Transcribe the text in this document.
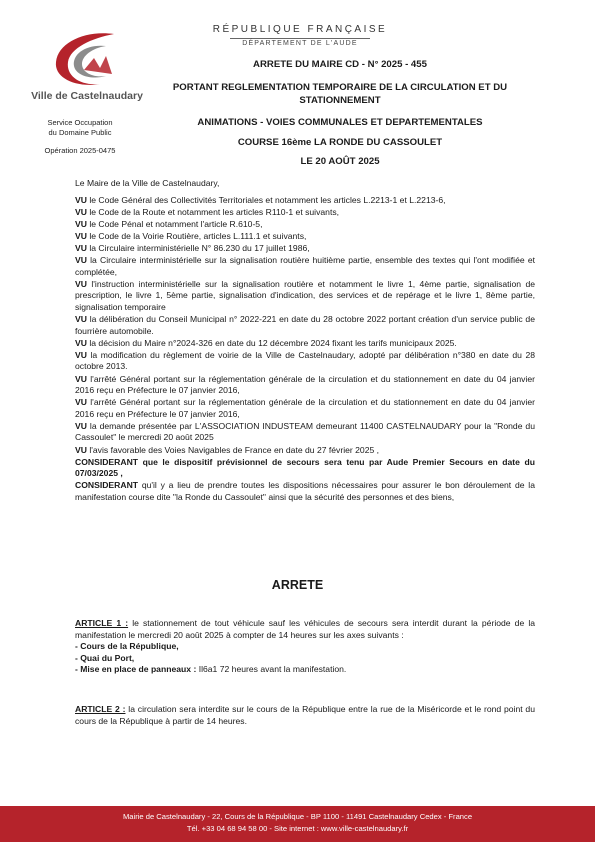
Ville de Castelnaudary
Service Occupation
du Domaine Public
Opération 2025-0475
RÉPUBLIQUE FRANÇAISE
DÉPARTEMENT DE L'AUDE
ARRETE DU MAIRE CD - N° 2025 - 455
PORTANT REGLEMENTATION TEMPORAIRE DE LA CIRCULATION ET DU
STATIONNEMENT
ANIMATIONS - VOIES COMMUNALES ET DEPARTEMENTALES
COURSE 16ème LA RONDE DU CASSOULET
LE 20 AOÛT 2025

Le Maire de la Ville de Castelnaudary,

VU le Code Général des Collectivités Territoriales et notamment les articles L.2213-1 et L.2213-6,

VU le Code de la Route et notamment les articles R110-1 et suivants,

VU le Code Pénal et notamment l'article R.610-5,

VU le Code de la Voirie Routière, articles L.111.1 et suivants,

VU la Circulaire interministérielle N° 86.230 du 17 juillet 1986,

VU la Circulaire interministérielle sur la signalisation routière huitième partie, ensemble des textes qui l'ont modifiée et complétée,

VU l'instruction interministérielle sur la signalisation routière et notamment le livre 1, 4ème partie, signalisation de prescription, le livre 1, 5ème partie, signalisation d'indication, des services et de repérage et le livre 1, 8ème partie, signalisation temporaire

VU la délibération du Conseil Municipal n° 2022-221 en date du 28 octobre 2022 portant création d'un service public de fourrière automobile.

VU la décision du Maire n°2024-326 en date du 12 décembre 2024 fixant les tarifs municipaux 2025.

VU la modification du règlement de voirie de la Ville de Castelnaudary, adopté par délibération n°380 en date du 28 octobre 2013.

VU l'arrêté Général portant sur la réglementation générale de la circulation et du stationnement en date du 04 janvier 2016 reçu en Préfecture le 07 janvier 2016,

VU l'arrêté Général portant sur la réglementation générale de la circulation et du stationnement en date du 04 janvier 2016 reçu en Préfecture le 07 janvier 2016,

VU la demande présentée par L'ASSOCIATION INDUSTEAM demeurant 11400 CASTELNAUDARY pour la "Ronde du Cassoulet" le mercredi 20 août 2025

VU l'avis favorable des Voies Navigables de France en date du 27 février 2025 ,

CONSIDERANT que le dispositif prévisionnel de secours sera tenu par Aude Premier Secours en date du 07/03/2025 ,

CONSIDERANT qu'il y a lieu de prendre toutes les dispositions nécessaires pour assurer le bon déroulement de la manifestation course dite "la Ronde du Cassoulet" ainsi que la sécurité des personnes et des biens,

ARRETE

ARTICLE 1 : le stationnement de tout véhicule sauf les véhicules de secours sera interdit durant la période de la manifestation le mercredi 20 août 2025 à compter de 14 heures sur les axes suivants :

- Cours de la République,
- Quai du Port,

- Mise en place de panneaux : Il6a1 72 heures avant la manifestation.

ARTICLE 2 : la circulation sera interdite sur le cours de la République entre la rue de la Miséricorde et le rond point du cours de la République à partir de 14 heures.
Mairie de Castelnaudary - 22, Cours de la République - BP 1100 - 11491 Castelnaudary Cedex - France
Tél. +33 04 68 94 58 00 - Site internet : www.ville-castelnaudary.fr
